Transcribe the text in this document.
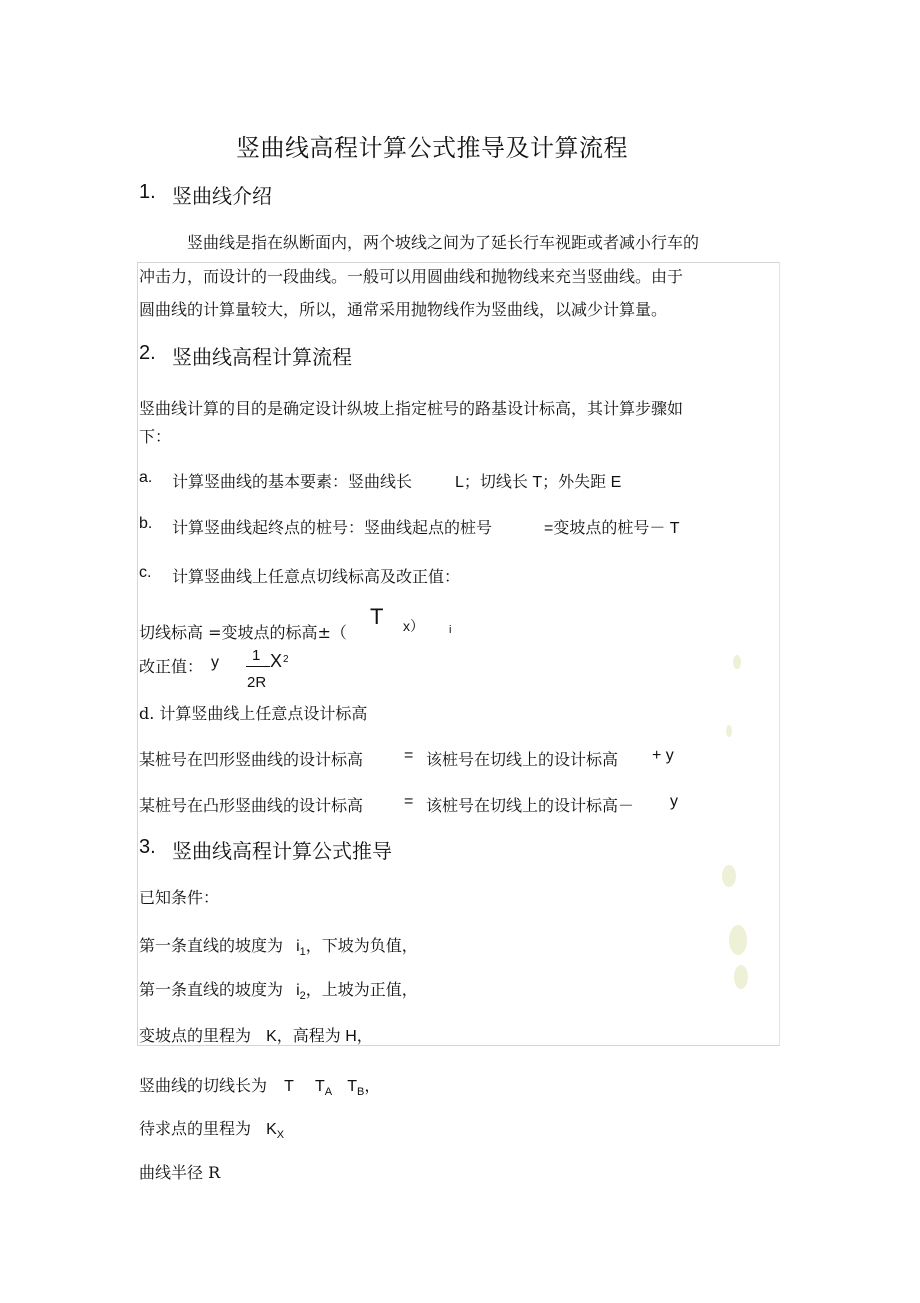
竖曲线高程计算公式推导及计算流程
1. 竖曲线介绍
竖曲线是指在纵断面内，两个坡线之间为了延长行车视距或者减小行车的
冲击力，而设计的一段曲线。一般可以用圆曲线和抛物线来充当竖曲线。由于
圆曲线的计算量较大，所以，通常采用抛物线作为竖曲线，以减少计算量。
2. 竖曲线高程计算流程
竖曲线计算的目的是确定设计纵坡上指定桩号的路基设计标高，其计算步骤如
下：
a. 计算竖曲线的基本要素：竖曲线长	L；切线长 T；外失距 E
b. 计算竖曲线起终点的桩号：竖曲线起点的桩号	=变坡点的桩号－ T
c. 计算竖曲线上任意点切线标高及改正值：
切线标高 =变坡点的标高±（
T x） i
改正值： y 1
2R
X 2
d. 计算竖曲线上任意点设计标高
某桩号在凹形竖曲线的设计标高	= 该桩号在切线上的设计标高 + y
某桩号在凸形竖曲线的设计标高	= 该桩号在切线上的设计标高－ y
3. 竖曲线高程计算公式推导
已知条件：
第一条直线的坡度为 $i_1$，下坡为负值，
第一条直线的坡度为 $i_2$，上坡为正值，
变坡点的里程为 K，高程为 H，
竖曲线的切线长为 T $T_A$ $T_B$，
待求点的里程为 $K_X$
曲线半径 R
